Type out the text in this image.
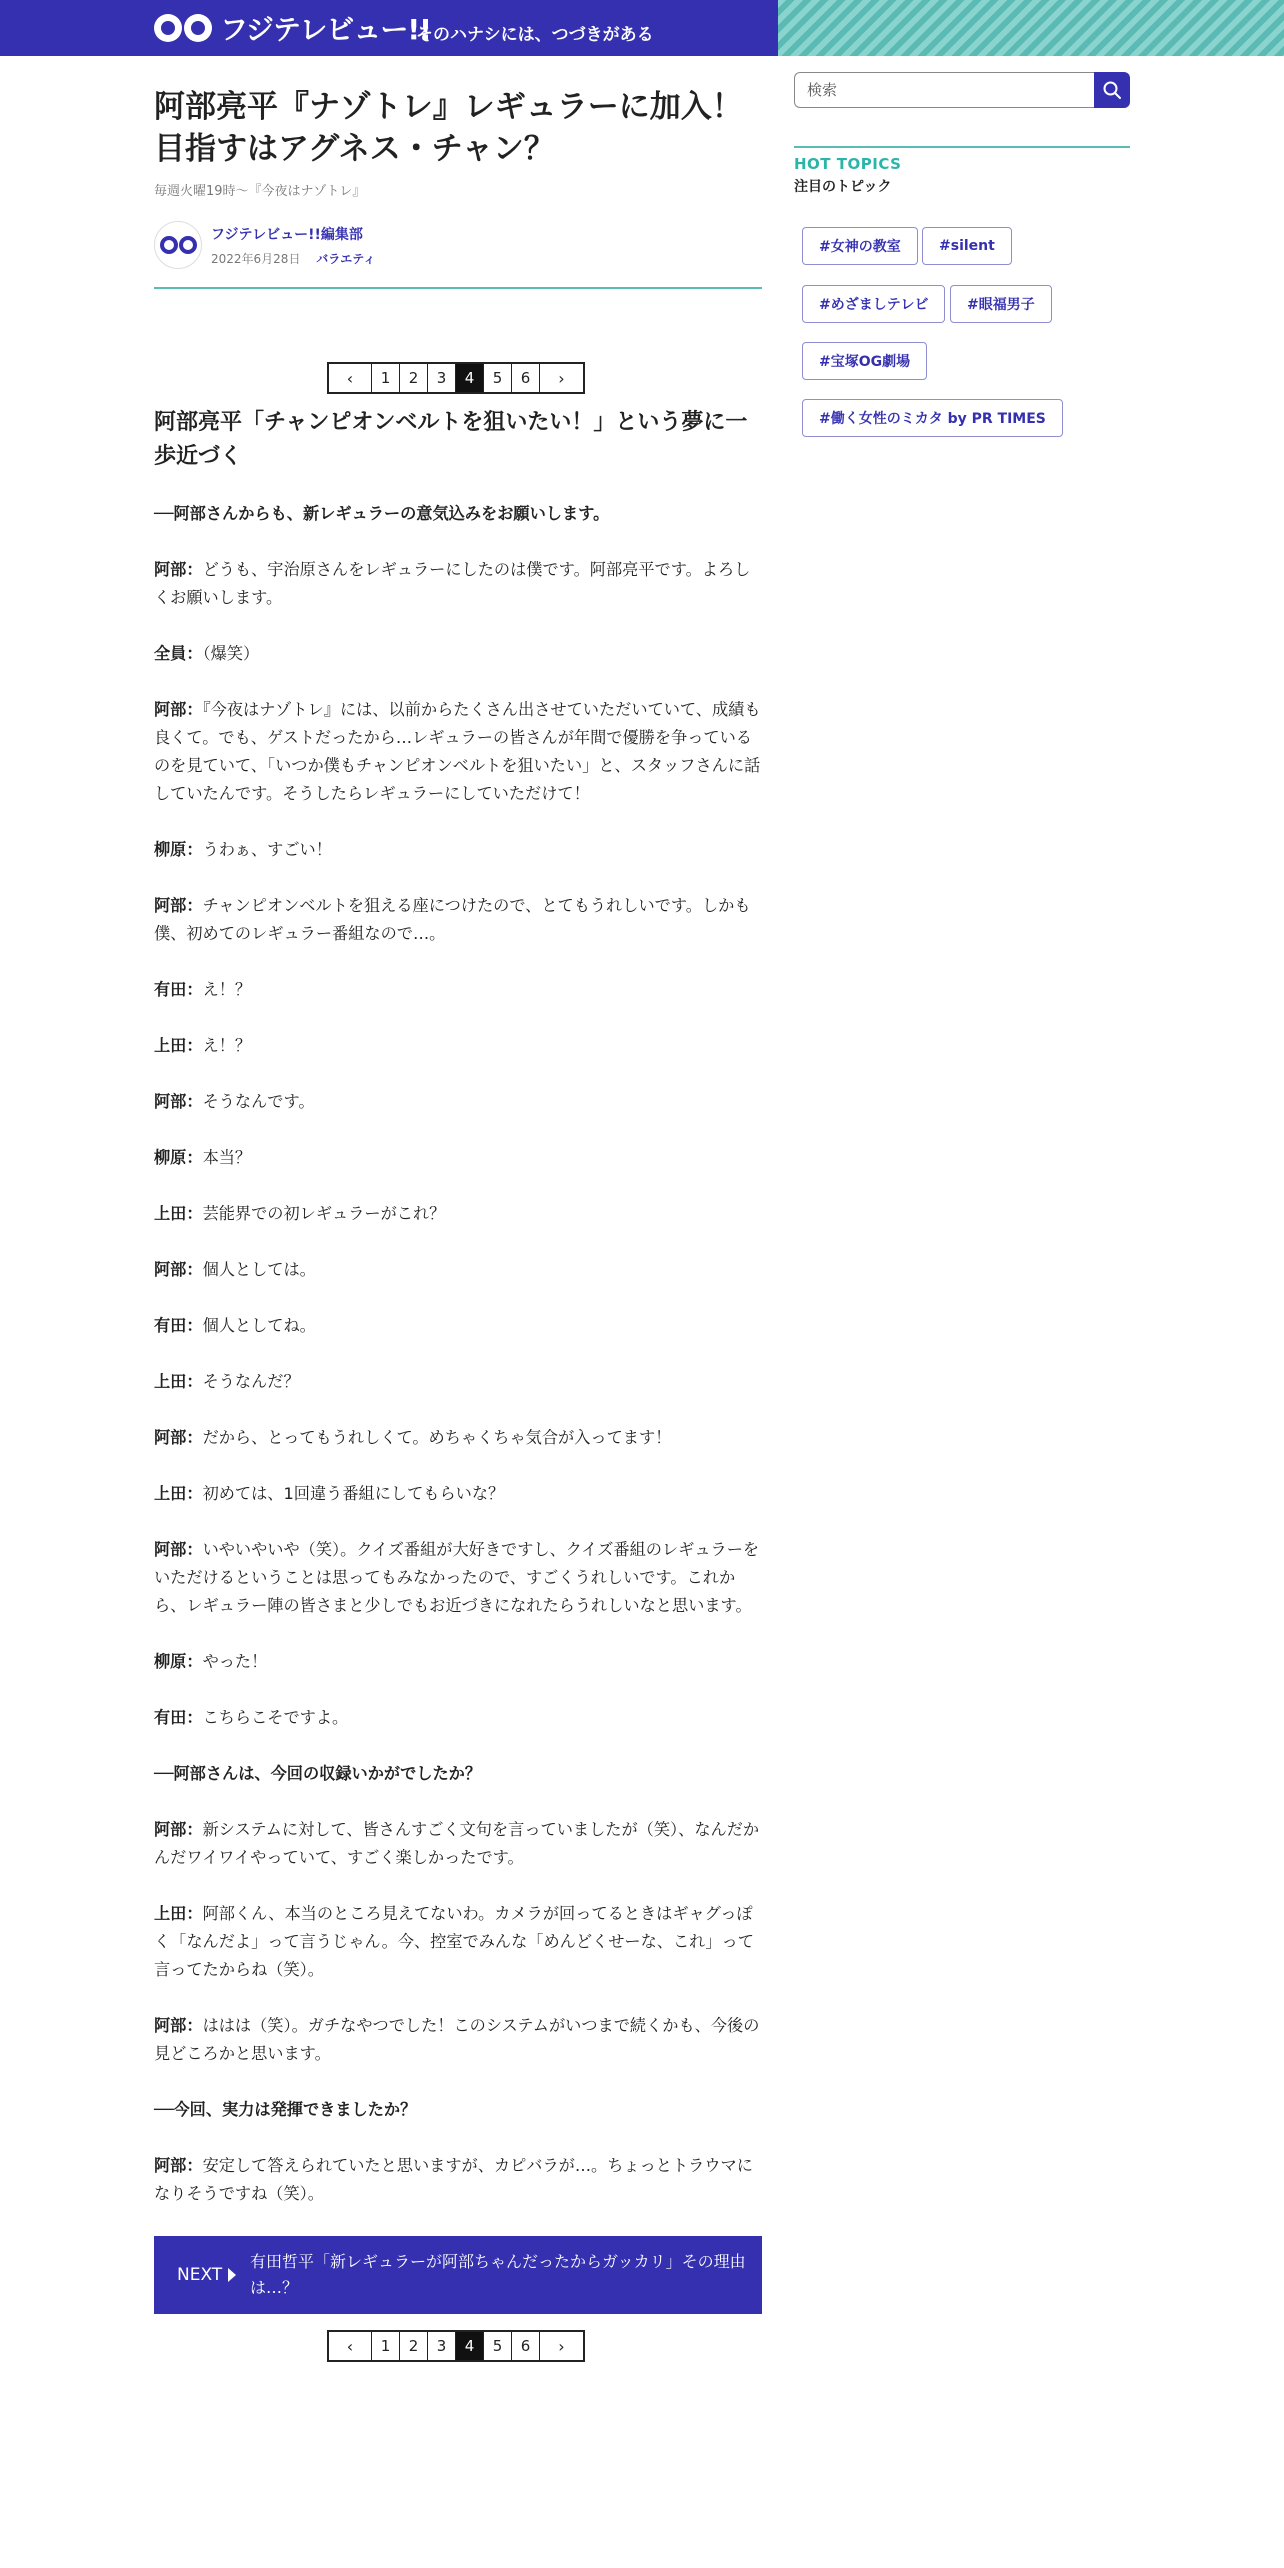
フジテレビュー!!
そのハナシには、つづきがある
阿部亮平『ナゾトレ』レギュラーに加入！目指すはアグネス・チャン？
毎週火曜19時～『今夜はナゾトレ』
フジテレビュー!!編集部
2022年6月28日 バラエティ
‹	1	2	3	4	5	6	›
阿部亮平「チャンピオンベルトを狙いたい！」という夢に一歩近づく

──阿部さんからも、新レギュラーの意気込みをお願いします。

阿部：どうも、宇治原さんをレギュラーにしたのは僕です。阿部亮平です。よろしくお願いします。

全員：（爆笑）

阿部：『今夜はナゾトレ』には、以前からたくさん出させていただいていて、成績も良くて。でも、ゲストだったから…レギュラーの皆さんが年間で優勝を争っているのを見ていて、「いつか僕もチャンピオンベルトを狙いたい」と、スタッフさんに話していたんです。そうしたらレギュラーにしていただけて！

柳原：うわぁ、すごい！

阿部：チャンピオンベルトを狙える座につけたので、とてもうれしいです。しかも僕、初めてのレギュラー番組なので…。

有田：え！？

上田：え！？

阿部：そうなんです。

柳原：本当？

上田：芸能界での初レギュラーがこれ？

阿部：個人としては。

有田：個人としてね。

上田：そうなんだ？

阿部：だから、とってもうれしくて。めちゃくちゃ気合が入ってます！

上田：初めては、1回違う番組にしてもらいな？

阿部：いやいやいや（笑）。クイズ番組が大好きですし、クイズ番組のレギュラーをいただけるということは思ってもみなかったので、すごくうれしいです。これから、レギュラー陣の皆さまと少しでもお近づきになれたらうれしいなと思います。

柳原：やった！

有田：こちらこそですよ。

──阿部さんは、今回の収録いかがでしたか？

阿部：新システムに対して、皆さんすごく文句を言っていましたが（笑）、なんだかんだワイワイやっていて、すごく楽しかったです。

上田：阿部くん、本当のところ見えてないわ。カメラが回ってるときはギャグっぽく「なんだよ」って言うじゃん。今、控室でみんな「めんどくせーな、これ」って言ってたからね（笑）。

阿部：ははは（笑）。ガチなやつでした！このシステムがいつまで続くかも、今後の見どころかと思います。

──今回、実力は発揮できましたか？

阿部：安定して答えられていたと思いますが、カピバラが…。ちょっとトラウマになりそうですね（笑）。

NEXT
有田哲平「新レギュラーが阿部ちゃんだったからガッカリ」その理由は…？
‹	1	2	3	4	5	6	›
検索
HOT TOPICS
注目のトピック
#女神の教室	#silent
#めざましテレビ	#眼福男子
#宝塚OG劇場
#働く女性のミカタ by PR TIMES
